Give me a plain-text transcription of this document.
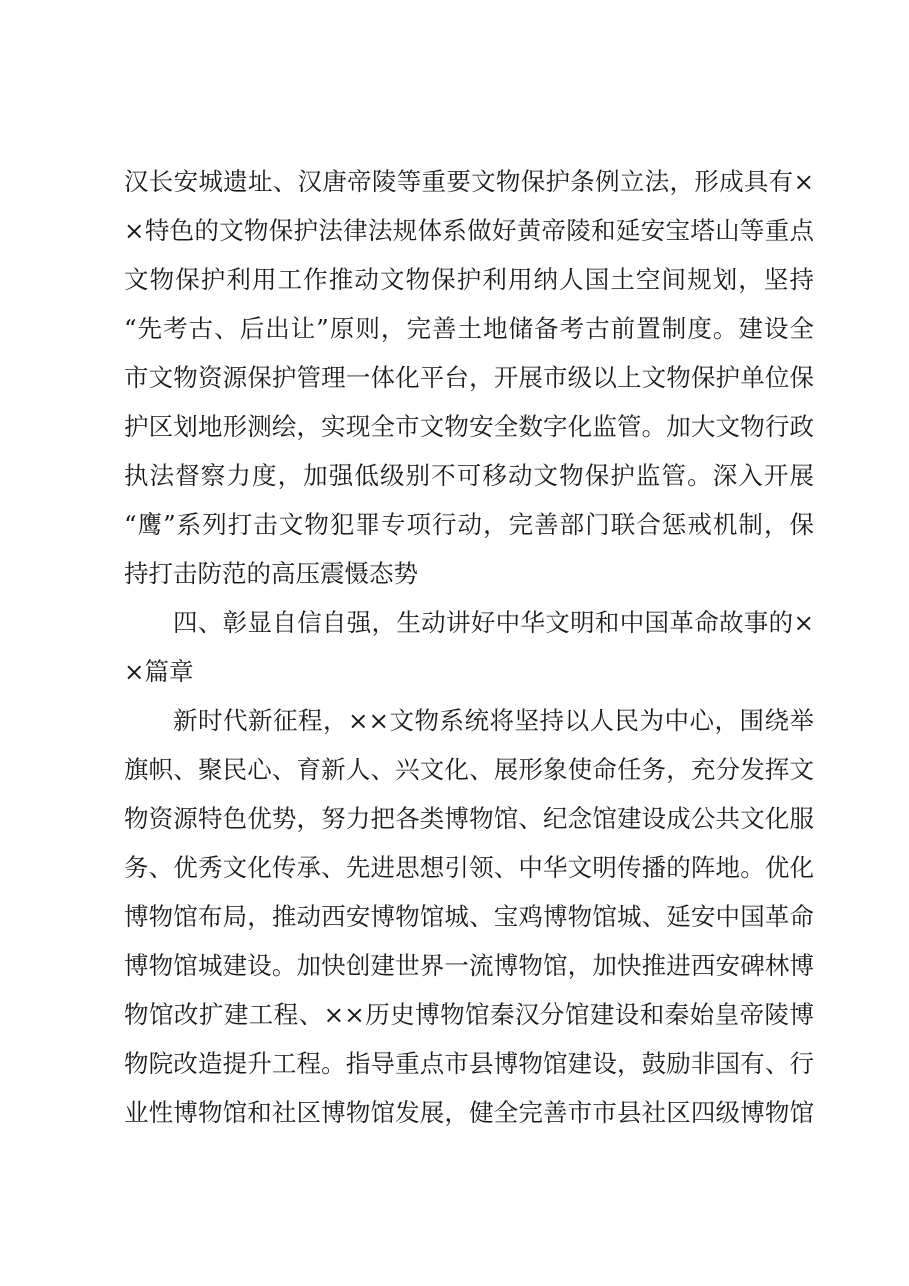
汉长安城遗址、汉唐帝陵等重要文物保护条例立法，形成具有×
×特色的文物保护法律法规体系做好黄帝陵和延安宝塔山等重点
文物保护利用工作推动文物保护利用纳人国土空间规划，坚持
“先考古、后出让”原则，完善土地储备考古前置制度。建设全
市文物资源保护管理一体化平台，开展市级以上文物保护单位保
护区划地形测绘，实现全市文物安全数字化监管。加大文物行政
执法督察力度，加强低级别不可移动文物保护监管。深入开展
“鹰”系列打击文物犯罪专项行动，完善部门联合惩戒机制，保
持打击防范的高压震慑态势
四、彰显自信自强，生动讲好中华文明和中国革命故事的×
×篇章
新时代新征程，××文物系统将坚持以人民为中心，围绕举
旗帜、聚民心、育新人、兴文化、展形象使命任务，充分发挥文
物资源特色优势，努力把各类博物馆、纪念馆建设成公共文化服
务、优秀文化传承、先进思想引领、中华文明传播的阵地。优化
博物馆布局，推动西安博物馆城、宝鸡博物馆城、延安中国革命
博物馆城建设。加快创建世界一流博物馆，加快推进西安碑林博
物馆改扩建工程、××历史博物馆秦汉分馆建设和秦始皇帝陵博
物院改造提升工程。指导重点市县博物馆建设，鼓励非国有、行
业性博物馆和社区博物馆发展，健全完善市市县社区四级博物馆
